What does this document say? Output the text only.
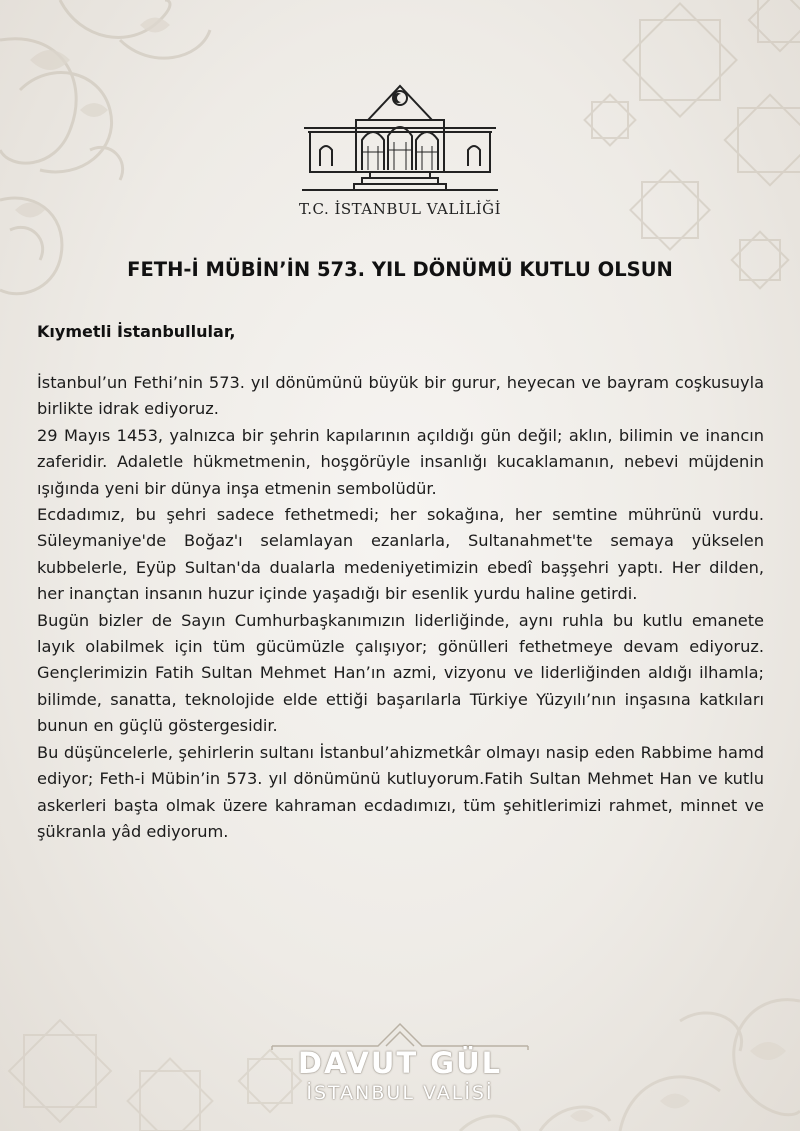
T.C. İSTANBUL VALİLİĞİ
FETH-İ MÜBİN’İN 573. YIL DÖNÜMÜ KUTLU OLSUN
Kıymetli İstanbullular,

İstanbul’un Fethi’nin 573. yıl dönümünü büyük bir gurur, heyecan ve bayram coşkusuyla birlikte idrak ediyoruz.

29 Mayıs 1453, yalnızca bir şehrin kapılarının açıldığı gün değil; aklın, bilimin ve inancın zaferidir. Adaletle hükmetmenin, hoşgörüyle insanlığı kucaklamanın, nebevi müjdenin ışığında yeni bir dünya inşa etmenin sembolüdür.

Ecdadımız, bu şehri sadece fethetmedi; her sokağına, her semtine mührünü vurdu. Süleymaniye'de Boğaz'ı selamlayan ezanlarla, Sultanahmet'te semaya yükselen kubbelerle, Eyüp Sultan'da dualarla medeniyetimizin ebedî başşehri yaptı. Her dilden, her inançtan insanın huzur içinde yaşadığı bir esenlik yurdu haline getirdi.

Bugün bizler de Sayın Cumhurbaşkanımızın liderliğinde, aynı ruhla bu kutlu emanete layık olabilmek için tüm gücümüzle çalışıyor; gönülleri fethetmeye devam ediyoruz. Gençlerimizin Fatih Sultan Mehmet Han’ın azmi, vizyonu ve liderliğinden aldığı ilhamla; bilimde, sanatta, teknolojide elde ettiği başarılarla Türkiye Yüzyılı’nın inşasına katkıları bunun en güçlü göstergesidir.

Bu düşüncelerle, şehirlerin sultanı İstanbul’ahizmetkâr olmayı nasip eden Rabbime hamd ediyor; Feth-i Mübin’in 573. yıl dönümünü kutluyorum.Fatih Sultan Mehmet Han ve kutlu askerleri başta olmak üzere kahraman ecdadımızı, tüm şehitlerimizi rahmet, minnet ve şükranla yâd ediyorum.

DAVUT GÜL
İSTANBUL VALİSİ
